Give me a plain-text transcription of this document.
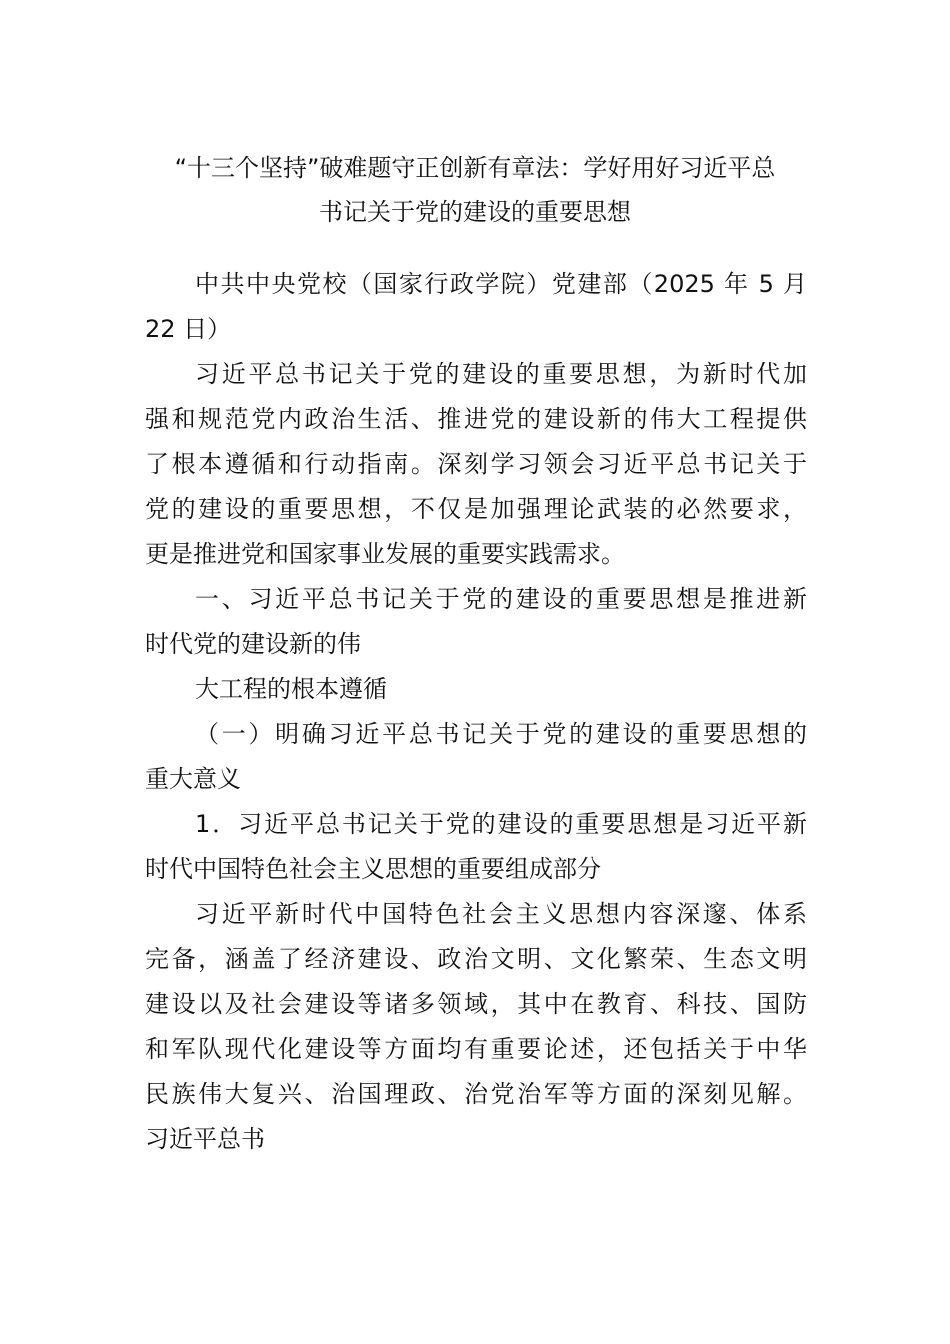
“十三个坚持”破难题守正创新有章法：学好用好习近平总
书记关于党的建设的重要思想
中共中央党校（国家行政学院）党建部（2025 年 5 月
22 日）
习近平总书记关于党的建设的重要思想，为新时代加
强和规范党内政治生活、推进党的建设新的伟大工程提供
了根本遵循和行动指南。深刻学习领会习近平总书记关于
党的建设的重要思想，不仅是加强理论武装的必然要求，
更是推进党和国家事业发展的重要实践需求。
一、习近平总书记关于党的建设的重要思想是推进新
时代党的建设新的伟
大工程的根本遵循
（一）明确习近平总书记关于党的建设的重要思想的
重大意义
1．习近平总书记关于党的建设的重要思想是习近平新
时代中国特色社会主义思想的重要组成部分
习近平新时代中国特色社会主义思想内容深邃、体系
完备，涵盖了经济建设、政治文明、文化繁荣、生态文明
建设以及社会建设等诸多领域，其中在教育、科技、国防
和军队现代化建设等方面均有重要论述，还包括关于中华
民族伟大复兴、治国理政、治党治军等方面的深刻见解。
习近平总书
